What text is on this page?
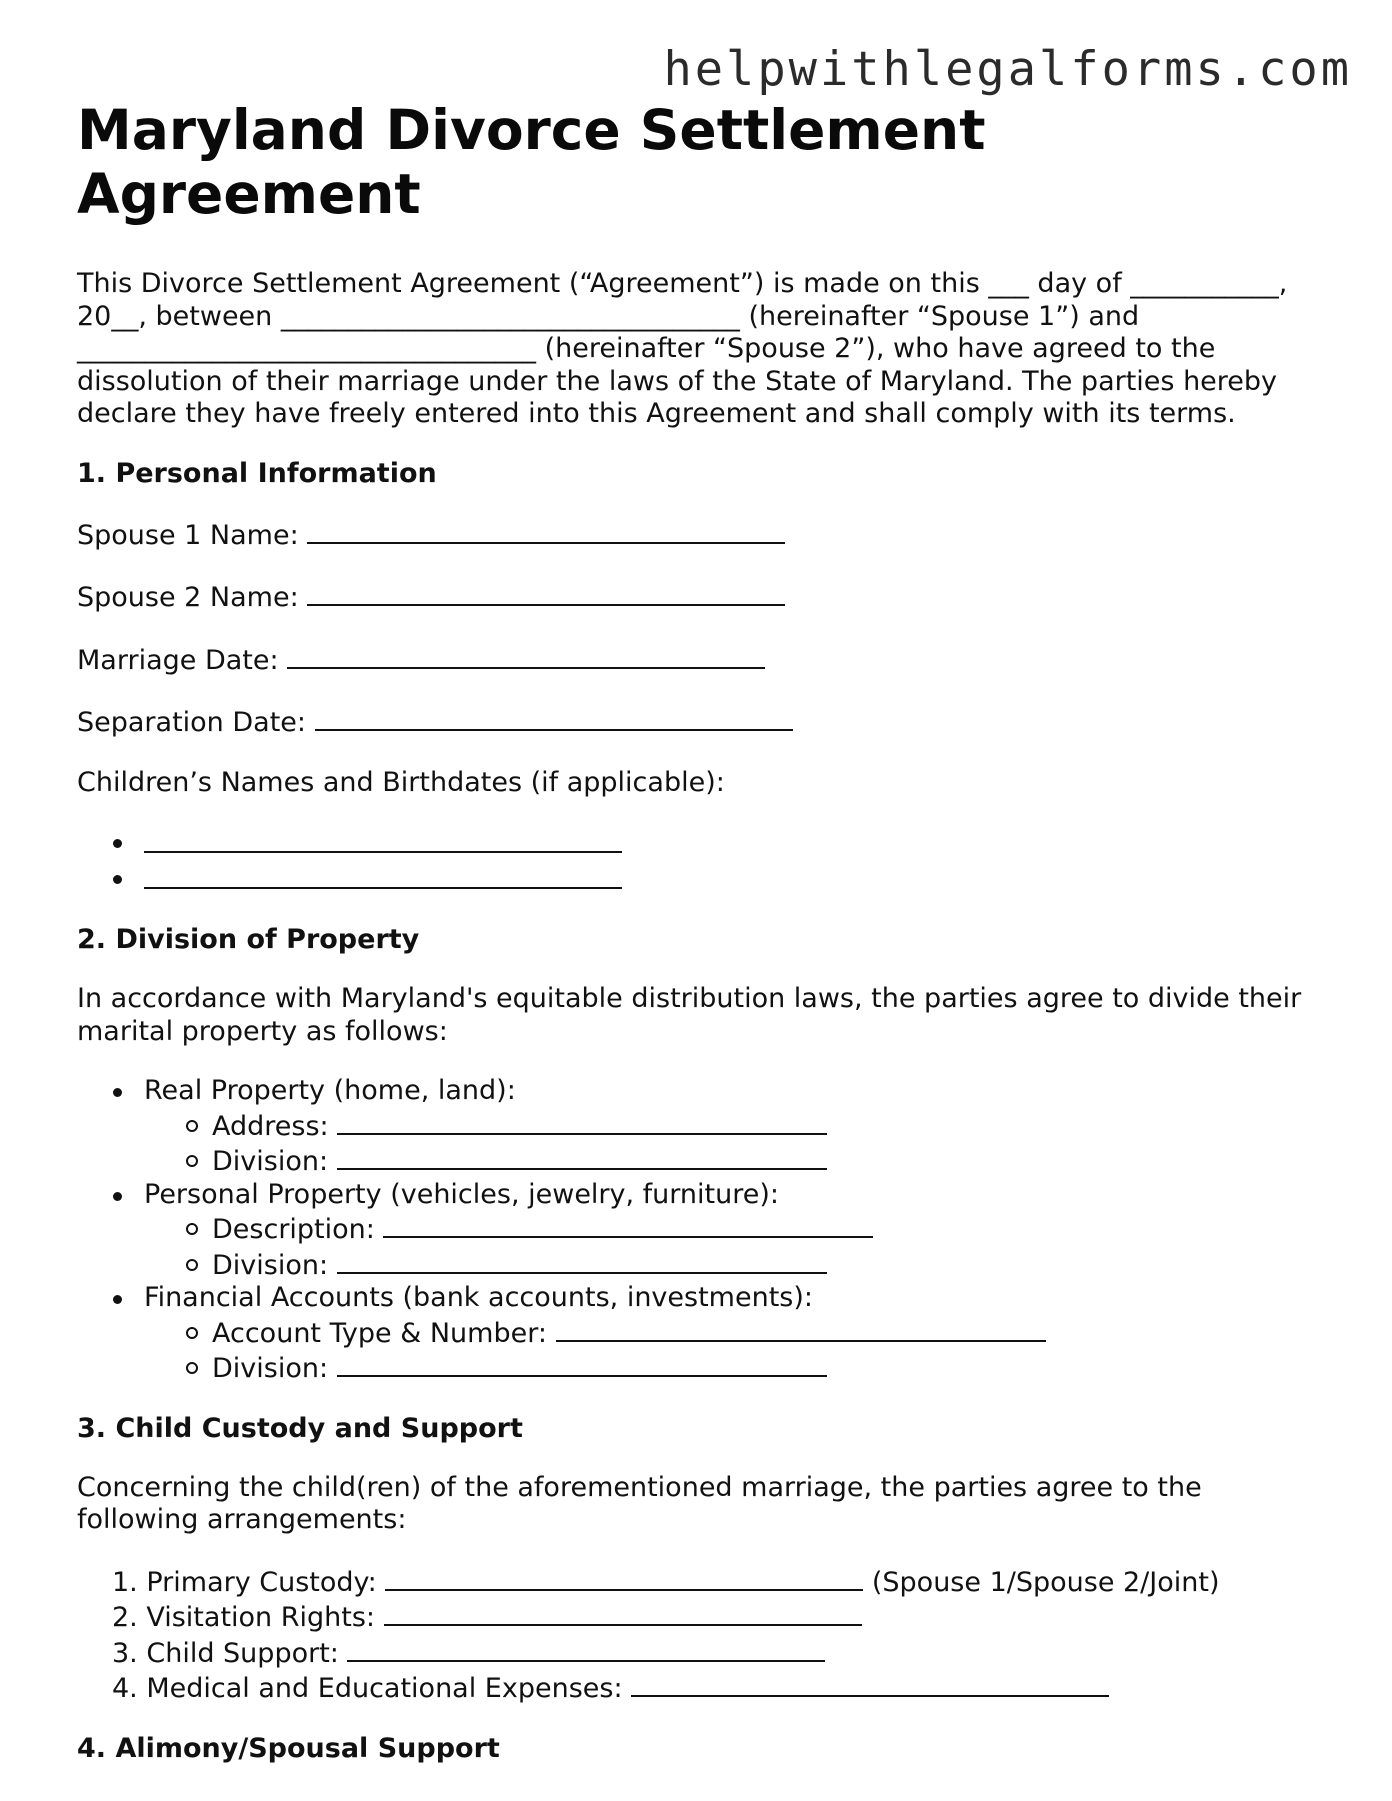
helpwithlegalforms.com
Maryland Divorce Settlement Agreement

This Divorce Settlement Agreement (“Agreement”) is made on this ___ day of ___________,

20__, between __________________________________ (hereinafter “Spouse 1”) and

__________________________________ (hereinafter “Spouse 2”), who have agreed to the

dissolution of their marriage under the laws of the State of Maryland. The parties hereby

declare they have freely entered into this Agreement and shall comply with its terms.

1. Personal Information
Spouse 1 Name:
Spouse 2 Name:
Marriage Date:
Separation Date:
Children’s Names and Birthdates (if applicable):
2. Division of Property

In accordance with Maryland's equitable distribution laws, the parties agree to divide their

marital property as follows:

Real Property (home, land):
Address:
Division:
Personal Property (vehicles, jewelry, furniture):
Description:
Division:
Financial Accounts (bank accounts, investments):
Account Type & Number:
Division:
3. Child Custody and Support

Concerning the child(ren) of the aforementioned marriage, the parties agree to the

following arrangements:

1. Primary Custody:	(Spouse 1/Spouse 2/Joint)
2. Visitation Rights:
3. Child Support:
4. Medical and Educational Expenses:
4. Alimony/Spousal Support
